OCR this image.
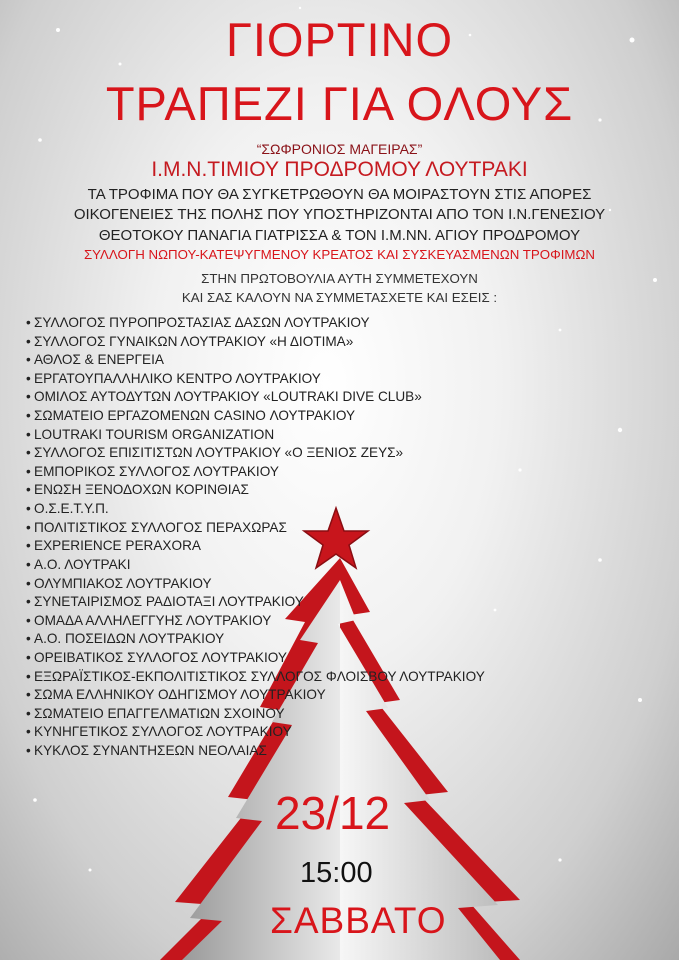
ΓΙΟΡΤΙΝΟ
ΤΡΑΠΕΖΙ ΓΙΑ ΟΛΟΥΣ

“ΣΩΦΡΟΝΙΟΣ ΜΑΓΕΙΡΑΣ”

Ι.Μ.Ν.ΤΙΜΙΟΥ ΠΡΟΔΡΟΜΟΥ ΛΟΥΤΡΑΚΙ

ΤΑ ΤΡΟΦΙΜΑ ΠΟΥ ΘΑ ΣΥΓΚΕΤΡΩΘΟΥΝ ΘΑ ΜΟΙΡΑΣΤΟΥΝ ΣΤΙΣ ΑΠΟΡΕΣ

ΟΙΚΟΓΕΝΕΙΕΣ ΤΗΣ ΠΟΛΗΣ ΠΟΥ ΥΠΟΣΤΗΡΙΖΟΝΤΑΙ ΑΠΟ ΤΟΝ Ι.Ν.ΓΕΝΕΣΙΟΥ

ΘΕΟΤΟΚΟΥ ΠΑΝΑΓΙΑ ΓΙΑΤΡΙΣΣΑ & ΤΟΝ Ι.Μ.ΝΝ. ΑΓΙΟΥ ΠΡΟΔΡΟΜΟΥ

ΣΥΛΛΟΓΗ ΝΩΠΟΥ-ΚΑΤΕΨΥΓΜΕΝΟΥ ΚΡΕΑΤΟΣ ΚΑΙ ΣΥΣΚΕΥΑΣΜΕΝΩΝ ΤΡΟΦΙΜΩΝ

ΣΤΗΝ ΠΡΩΤΟΒΟΥΛΙΑ ΑΥΤΗ ΣΥΜΜΕΤΕΧΟΥΝ

ΚΑΙ ΣΑΣ ΚΑΛΟΥΝ ΝΑ ΣΥΜΜΕΤΑΣΧΕΤΕ ΚΑΙ ΕΣΕΙΣ :

• ΣΥΛΛΟΓΟΣ ΠΥΡΟΠΡΟΣΤΑΣΙΑΣ ΔΑΣΩΝ ΛΟΥΤΡΑΚΙΟΥ
• ΣΥΛΛΟΓΟΣ ΓΥΝΑΙΚΩΝ ΛΟΥΤΡΑΚΙΟΥ «Η ΔΙΟΤΙΜΑ»
• ΑΘΛΟΣ & ΕΝΕΡΓΕΙΑ
• ΕΡΓΑΤΟΥΠΑΛΛΗΛΙΚΟ ΚΕΝΤΡΟ ΛΟΥΤΡΑΚΙΟΥ
• ΟΜΙΛΟΣ ΑΥΤΟΔΥΤΩΝ ΛΟΥΤΡΑΚΙΟΥ «LOUTRAKI DIVE CLUB»
• ΣΩΜΑΤΕΙΟ ΕΡΓΑΖΟΜΕΝΩΝ CASINO ΛΟΥΤΡΑΚΙΟΥ
• LOUTRAKI TOURISM ORGANIZATION
• ΣΥΛΛΟΓΟΣ ΕΠΙΣΙΤΙΣΤΩΝ ΛΟΥΤΡΑΚΙΟΥ «Ο ΞΕΝΙΟΣ ΖΕΥΣ»
• ΕΜΠΟΡΙΚΟΣ ΣΥΛΛΟΓΟΣ ΛΟΥΤΡΑΚΙΟΥ
• ΕΝΩΣΗ ΞΕΝΟΔΟΧΩΝ ΚΟΡΙΝΘΙΑΣ
• Ο.Σ.Ε.Τ.Υ.Π.
• ΠΟΛΙΤΙΣΤΙΚΟΣ ΣΥΛΛΟΓΟΣ ΠΕΡΑΧΩΡΑΣ
• EXPERIENCE PERAXORA
• Α.Ο. ΛΟΥΤΡΑΚΙ
• ΟΛΥΜΠΙΑΚΟΣ ΛΟΥΤΡΑΚΙΟΥ
• ΣΥΝΕΤΑΙΡΙΣΜΟΣ ΡΑΔΙΟΤΑΞΙ ΛΟΥΤΡΑΚΙΟΥ
• ΟΜΑΔΑ ΑΛΛΗΛΕΓΓΥΗΣ ΛΟΥΤΡΑΚΙΟΥ
• Α.Ο. ΠΟΣΕΙΔΩΝ ΛΟΥΤΡΑΚΙΟΥ
• ΟΡΕΙΒΑΤΙΚΟΣ ΣΥΛΛΟΓΟΣ ΛΟΥΤΡΑΚΙΟΥ
• ΕΞΩΡΑΪΣΤΙΚΟΣ-ΕΚΠΟΛΙΤΙΣΤΙΚΟΣ ΣΥΛΛΟΓΟΣ ΦΛΟΙΣΒΟΥ ΛΟΥΤΡΑΚΙΟΥ
• ΣΩΜΑ ΕΛΛΗΝΙΚΟΥ ΟΔΗΓΙΣΜΟΥ ΛΟΥΤΡΑΚΙΟΥ
• ΣΩΜΑΤΕΙΟ ΕΠΑΓΓΕΛΜΑΤΙΩΝ ΣΧΟΙΝΟΥ
• ΚΥΝΗΓΕΤΙΚΟΣ ΣΥΛΛΟΓΟΣ ΛΟΥΤΡΑΚΙΟΥ
• ΚΥΚΛΟΣ ΣΥΝΑΝΤΗΣΕΩΝ ΝΕΟΛΑΙΑΣ
23/12
15:00
ΣΑΒΒΑΤΟ
